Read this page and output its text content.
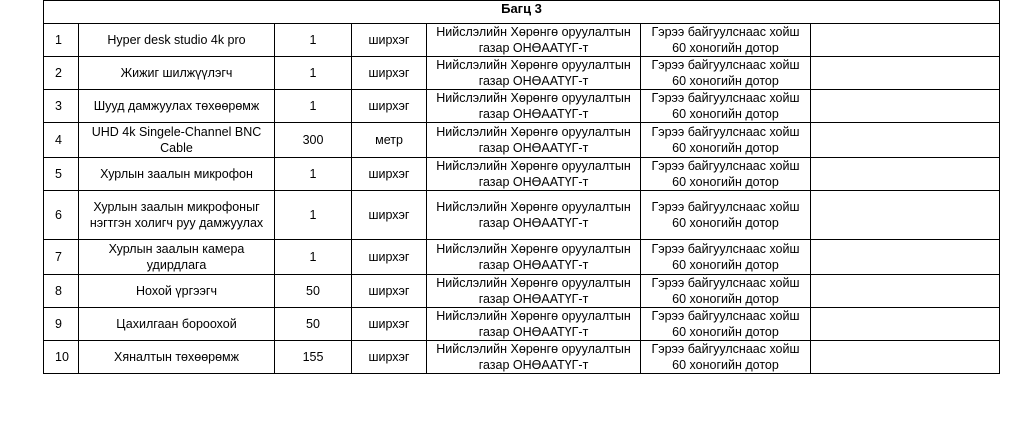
Багц 3						
1	Hyper desk studio 4k pro	1	ширхэг	Нийслэлийн Хөрөнгө оруулалтын газар ОНӨААТҮГ-т	Гэрээ байгуулснаас хойш 60 хоногийн дотор	
2	Жижиг шилжүүлэгч	1	ширхэг	Нийслэлийн Хөрөнгө оруулалтын газар ОНӨААТҮГ-т	Гэрээ байгуулснаас хойш 60 хоногийн дотор	
3	Шууд дамжуулах төхөөрөмж	1	ширхэг	Нийслэлийн Хөрөнгө оруулалтын газар ОНӨААТҮГ-т	Гэрээ байгуулснаас хойш 60 хоногийн дотор	
4	UHD 4k Singele-Channel BNC Cable	300	метр	Нийслэлийн Хөрөнгө оруулалтын газар ОНӨААТҮГ-т	Гэрээ байгуулснаас хойш 60 хоногийн дотор	
5	Хурлын заалын микрофон	1	ширхэг	Нийслэлийн Хөрөнгө оруулалтын газар ОНӨААТҮГ-т	Гэрээ байгуулснаас хойш 60 хоногийн дотор	
6	Хурлын заалын микрофоныг нэгтгэн холигч руу дамжуулах	1	ширхэг	Нийслэлийн Хөрөнгө оруулалтын газар ОНӨААТҮГ-т	Гэрээ байгуулснаас хойш 60 хоногийн дотор	
7	Хурлын заалын камера удирдлага	1	ширхэг	Нийслэлийн Хөрөнгө оруулалтын газар ОНӨААТҮГ-т	Гэрээ байгуулснаас хойш 60 хоногийн дотор	
8	Нохой үргээгч	50	ширхэг	Нийслэлийн Хөрөнгө оруулалтын газар ОНӨААТҮГ-т	Гэрээ байгуулснаас хойш 60 хоногийн дотор	
9	Цахилгаан бороохой	50	ширхэг	Нийслэлийн Хөрөнгө оруулалтын газар ОНӨААТҮГ-т	Гэрээ байгуулснаас хойш 60 хоногийн дотор	
10	Хяналтын төхөөрөмж	155	ширхэг	Нийслэлийн Хөрөнгө оруулалтын газар ОНӨААТҮГ-т	Гэрээ байгуулснаас хойш 60 хоногийн дотор	
